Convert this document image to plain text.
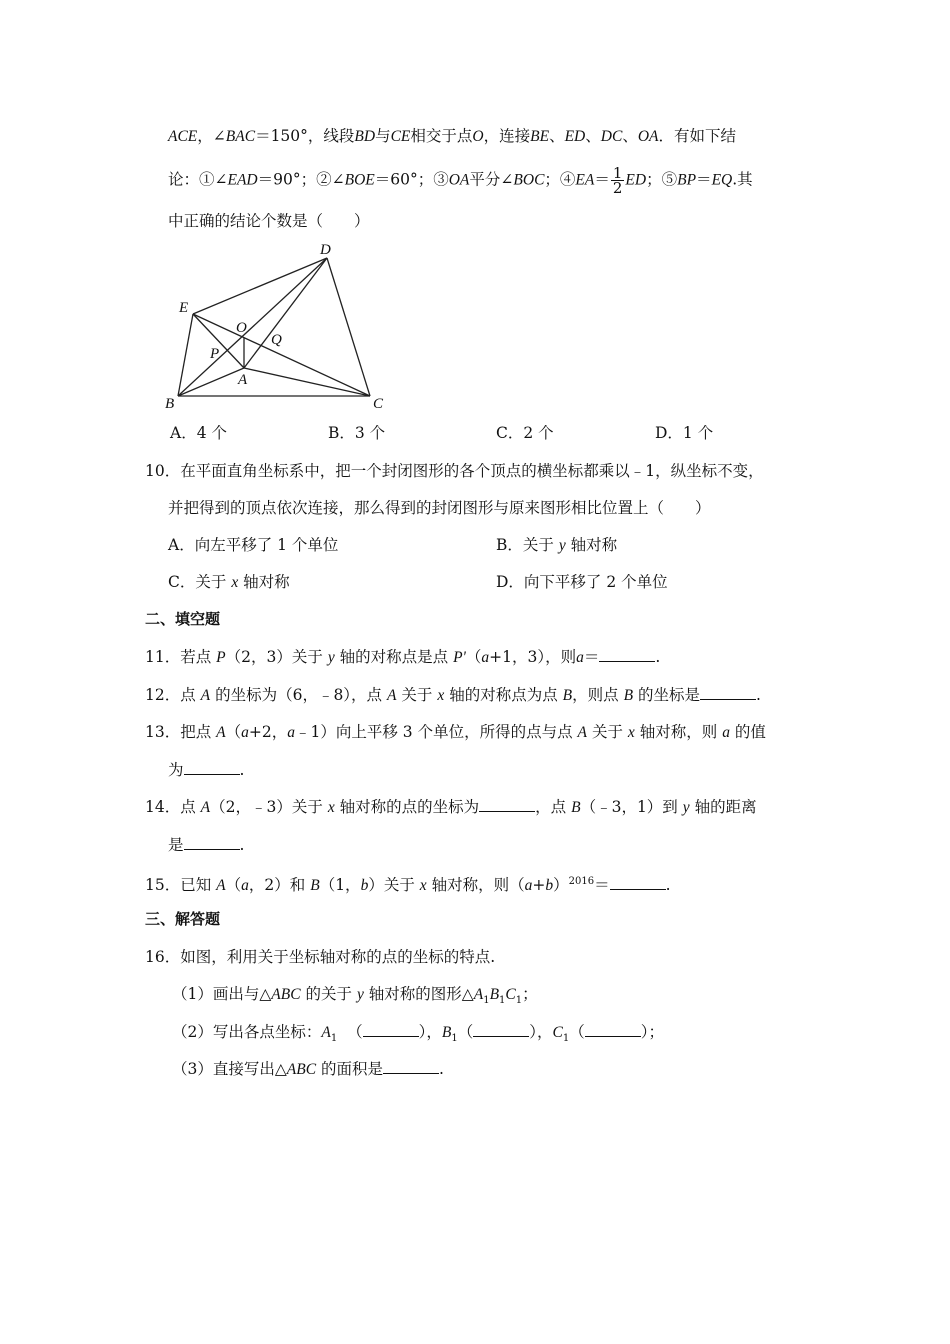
ACE，∠BAC＝150°，线段BD与CE相交于点O，连接BE、ED、DC、OA．有如下结
论：①∠EAD＝90°；②∠BOE＝60°；③OA平分∠BOC；④EA＝ $\frac{1}{2}$ ED；⑤BP＝EQ.其
中正确的结论个数是（　　）
D
E
O
P
Q
A
B	C
A．4 个	B．3 个	C．2 个	D．1 个
10．在平面直角坐标系中，把一个封闭图形的各个顶点的横坐标都乘以﹣1，纵坐标不变，
并把得到的顶点依次连接，那么得到的封闭图形与原来图形相比位置上（　　）
A．向左平移了 1 个单位	B．关于 y 轴对称
C．关于 x 轴对称	D．向下平移了 2 个单位
二、填空题
11．若点 P（2，3）关于 y 轴的对称点是点 P'（a+1，3），则a＝	.
12．点 A 的坐标为（6，﹣8），点 A 关于 x 轴的对称点为点 B，则点 B 的坐标是	.
13．把点 A（a+2，a﹣1）向上平移 3 个单位，所得的点与点 A 关于 x 轴对称，则 a 的值
为	.
14．点 A（2，﹣3）关于 x 轴对称的点的坐标为	，点 B（﹣3，1）到 y 轴的距离
是	.
15．已知 A（a，2）和 B（1，b）关于 x 轴对称，则$(a+b)^{2016}=$	.
三、解答题
16．如图，利用关于坐标轴对称的点的坐标的特点.
（1）画出与△ABC 的关于 y 轴对称的图形$\triangle A_1B_1C_1$；
（2）写出各点坐标：$A_1$ （	），$B_1$（	），$C_1$（	）；
（3）直接写出△ABC 的面积是	.
